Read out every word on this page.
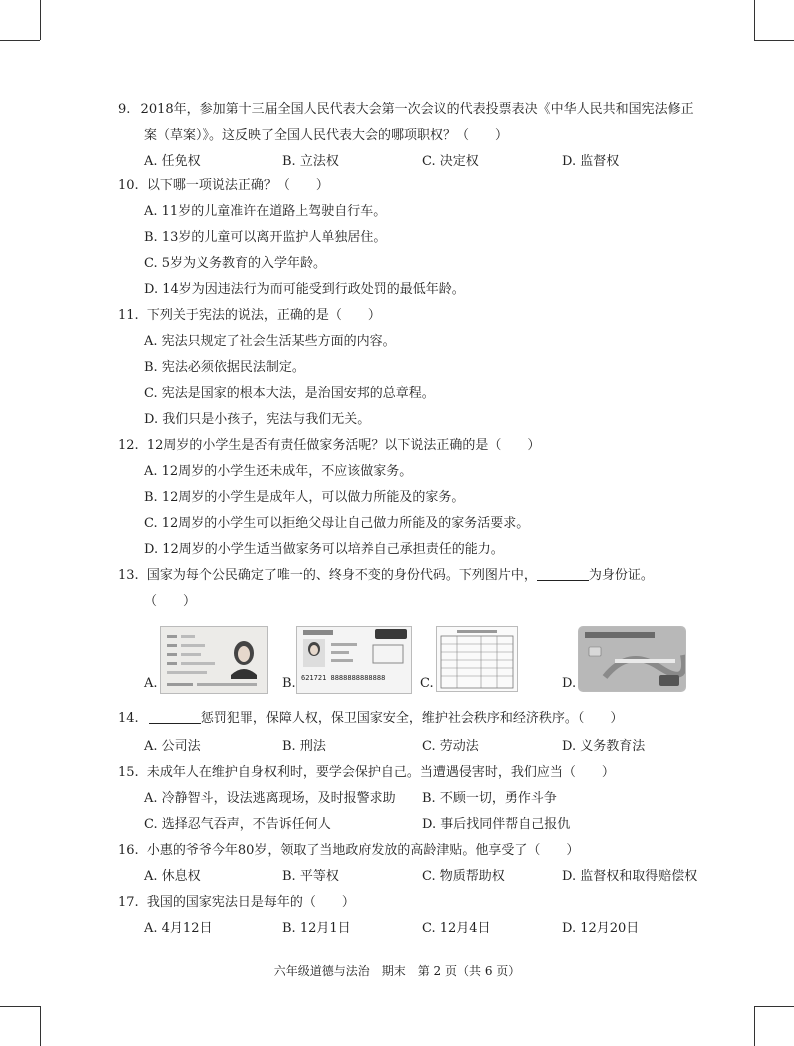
9. 2018年，参加第十三届全国人民代表大会第一次会议的代表投票表决《中华人民共和国宪法修正
案（草案）》。这反映了全国人民代表大会的哪项职权？（　　）
A. 任免权	B. 立法权	C. 决定权	D. 监督权
10. 以下哪一项说法正确？（　　）
A. 11岁的儿童准许在道路上驾驶自行车。
B. 13岁的儿童可以离开监护人单独居住。
C. 5岁为义务教育的入学年龄。
D. 14岁为因违法行为而可能受到行政处罚的最低年龄。
11. 下列关于宪法的说法，正确的是（　　）
A. 宪法只规定了社会生活某些方面的内容。
B. 宪法必须依据民法制定。
C. 宪法是国家的根本大法，是治国安邦的总章程。
D. 我们只是小孩子，宪法与我们无关。
12. 12周岁的小学生是否有责任做家务活呢？以下说法正确的是（　　）
A. 12周岁的小学生还未成年，不应该做家务。
B. 12周岁的小学生是成年人，可以做力所能及的家务。
C. 12周岁的小学生可以拒绝父母让自己做力所能及的家务活要求。
D. 12周岁的小学生适当做家务可以培养自己承担责任的能力。
13. 国家为每个公民确定了唯一的、终身不变的身份代码。下列图片中，	为身份证。
（　　）
A.	B. 621721 8888888888888	C.	D.
14.	惩罚犯罪，保障人权，保卫国家安全，维护社会秩序和经济秩序。（　　）
A. 公司法	B. 刑法	C. 劳动法	D. 义务教育法
15. 未成年人在维护自身权利时，要学会保护自己。当遭遇侵害时，我们应当（　　）
A. 冷静智斗，设法逃离现场，及时报警求助 B. 不顾一切，勇作斗争
C. 选择忍气吞声，不告诉任何人	D. 事后找同伴帮自己报仇
16. 小惠的爷爷今年80岁，领取了当地政府发放的高龄津贴。他享受了（　　）
A. 休息权	B. 平等权	C. 物质帮助权	D. 监督权和取得赔偿权
17. 我国的国家宪法日是每年的（　　）
A. 4月12日	B. 12月1日	C. 12月4日	D. 12月20日
六年级道德与法治　期末　第 2 页（共 6 页）
